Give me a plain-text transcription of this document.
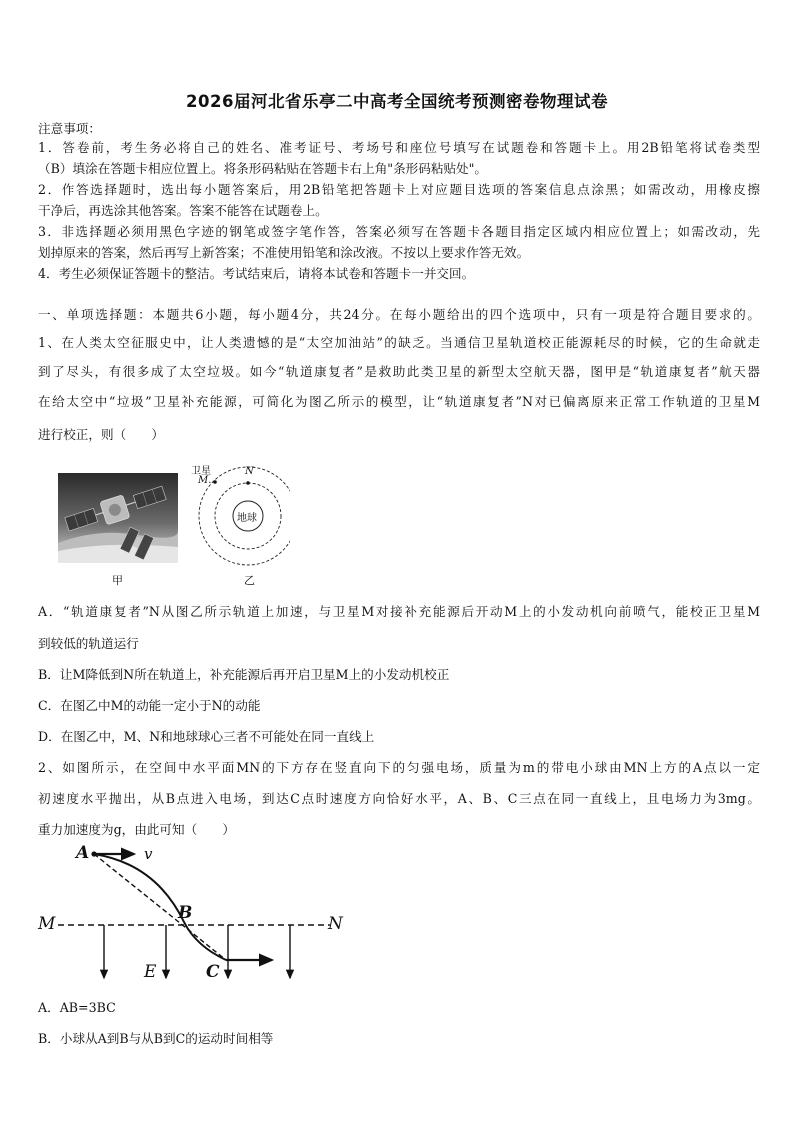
2026届河北省乐亭二中高考全国统考预测密卷物理试卷
注意事项：
1．答卷前，考生务必将自己的姓名、准考证号、考场号和座位号填写在试题卷和答题卡上。用2B铅笔将试卷类型
（B）填涂在答题卡相应位置上。将条形码粘贴在答题卡右上角"条形码粘贴处"。
2．作答选择题时，选出每小题答案后，用2B铅笔把答题卡上对应题目选项的答案信息点涂黑；如需改动，用橡皮擦
干净后，再选涂其他答案。答案不能答在试题卷上。
3．非选择题必须用黑色字迹的钢笔或签字笔作答，答案必须写在答题卡各题目指定区域内相应位置上；如需改动，先
划掉原来的答案，然后再写上新答案；不准使用铅笔和涂改液。不按以上要求作答无效。
4．考生必须保证答题卡的整洁。考试结束后，请将本试卷和答题卡一并交回。
一、单项选择题：本题共6小题，每小题4分，共24分。在每小题给出的四个选项中，只有一项是符合题目要求的。
1、在人类太空征服史中，让人类遗憾的是“太空加油站”的缺乏。当通信卫星轨道校正能源耗尽的时候，它的生命就走
到了尽头，有很多成了太空垃圾。如今“轨道康复者”是救助此类卫星的新型太空航天器，图甲是“轨道康复者”航天器
在给太空中“垃圾”卫星补充能源，可简化为图乙所示的模型，让“轨道康复者”N对已偏离原来正常工作轨道的卫星M
进行校正，则（　　）
甲
卫星
M.
N
地球
乙
A．“轨道康复者”N从图乙所示轨道上加速，与卫星M对接补充能源后开动M上的小发动机向前喷气，能校正卫星M
到较低的轨道运行
B．让M降低到N所在轨道上，补充能源后再开启卫星M上的小发动机校正
C．在图乙中M的动能一定小于N的动能
D．在图乙中，M、N和地球球心三者不可能处在同一直线上
2、如图所示，在空间中水平面MN的下方存在竖直向下的匀强电场，质量为m的带电小球由MN上方的A点以一定
初速度水平抛出，从B点进入电场，到达C点时速度方向恰好水平，A、B、C三点在同一直线上，且电场力为3mg。
重力加速度为g，由此可知（　　）
A	v
M	N
B
E	C
A．AB=3BC
B．小球从A到B与从B到C的运动时间相等
